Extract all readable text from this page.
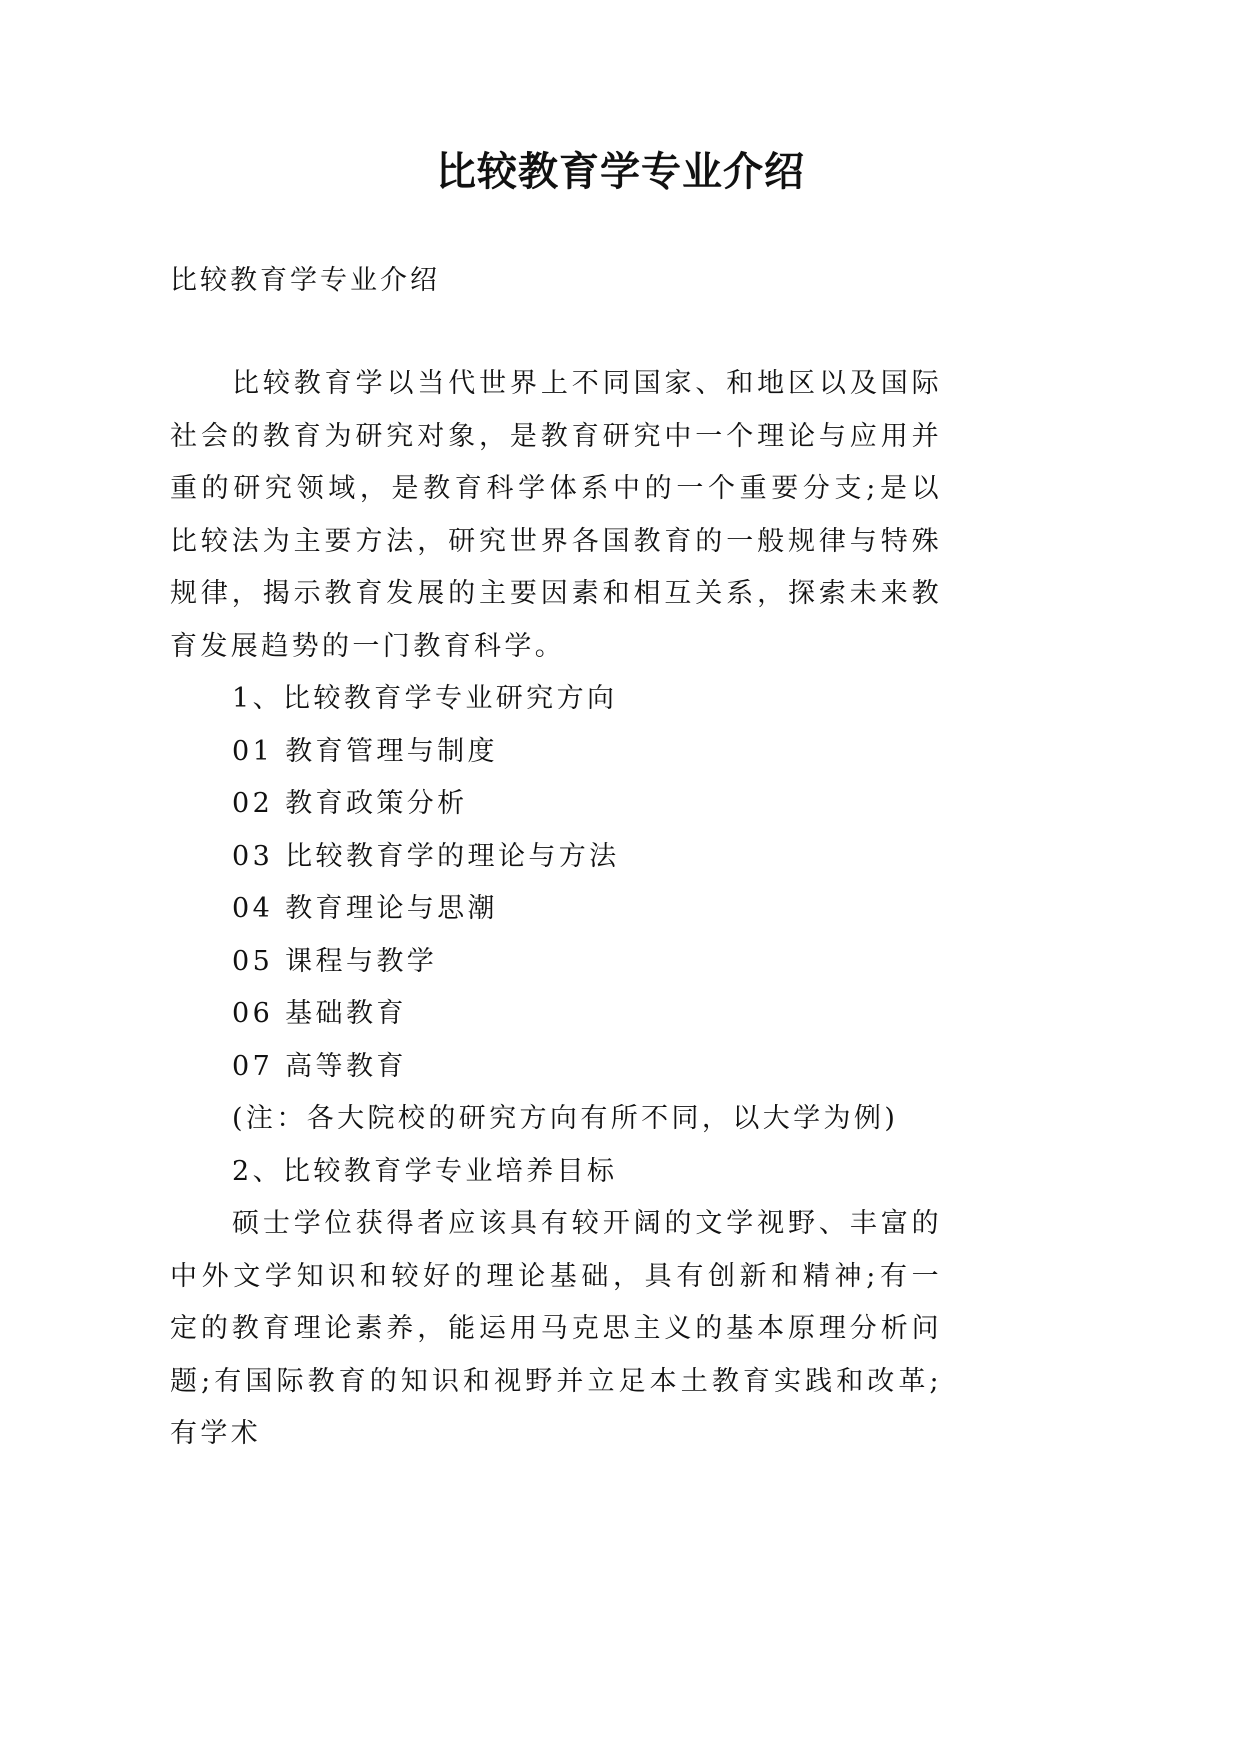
比较教育学专业介绍

比较教育学专业介绍

比较教育学以当代世界上不同国家、和地区以及国际社会的教育为研究对象，是教育研究中一个理论与应用并重的研究领域，是教育科学体系中的一个重要分支;是以比较法为主要方法，研究世界各国教育的一般规律与特殊规律，揭示教育发展的主要因素和相互关系，探索未来教育发展趋势的一门教育科学。

1、比较教育学专业研究方向

01 教育管理与制度

02 教育政策分析

03 比较教育学的理论与方法

04 教育理论与思潮

05 课程与教学

06 基础教育

07 高等教育

(注：各大院校的研究方向有所不同，以大学为例)

2、比较教育学专业培养目标

硕士学位获得者应该具有较开阔的文学视野、丰富的中外文学知识和较好的理论基础，具有创新和精神;有一定的教育理论素养，能运用马克思主义的基本原理分析问题;有国际教育的知识和视野并立足本土教育实践和改革;有学术
